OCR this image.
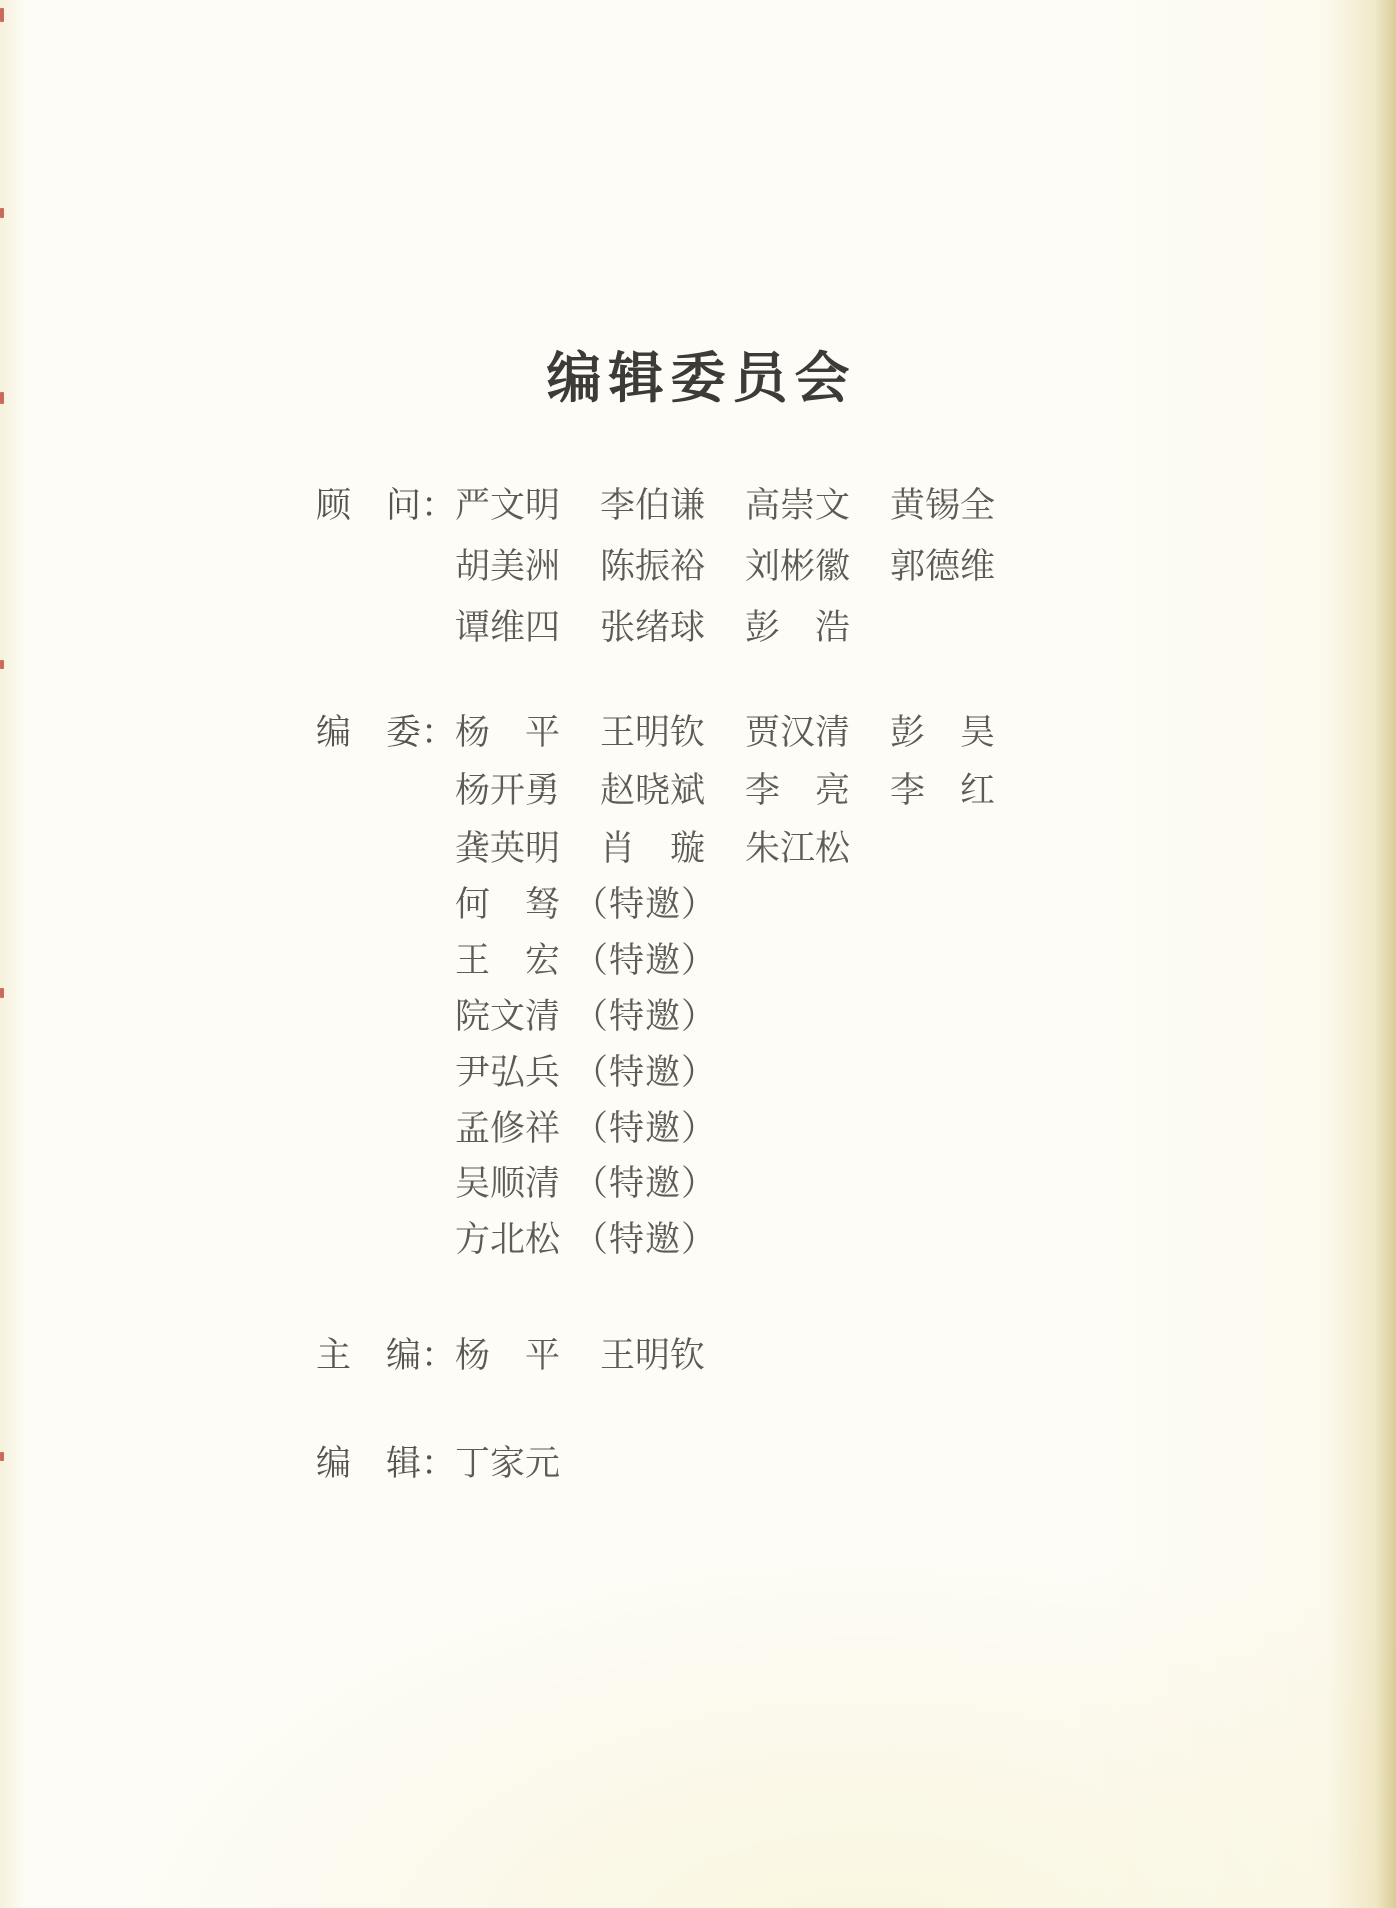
编辑委员会
顾　问：
严文明	李伯谦	高崇文	黄锡全
胡美洲	陈振裕	刘彬徽	郭德维
谭维四	张绪球	彭　浩
编　委：
杨　平	王明钦	贾汉清	彭　昊
杨开勇	赵晓斌	李　亮	李　红
龚英明	肖　璇	朱江松
何　驽 （特邀）
王　宏 （特邀）
院文清 （特邀）
尹弘兵 （特邀）
孟修祥 （特邀）
吴顺清 （特邀）
方北松 （特邀）
主　编：
杨　平	王明钦
编　辑：
丁家元
